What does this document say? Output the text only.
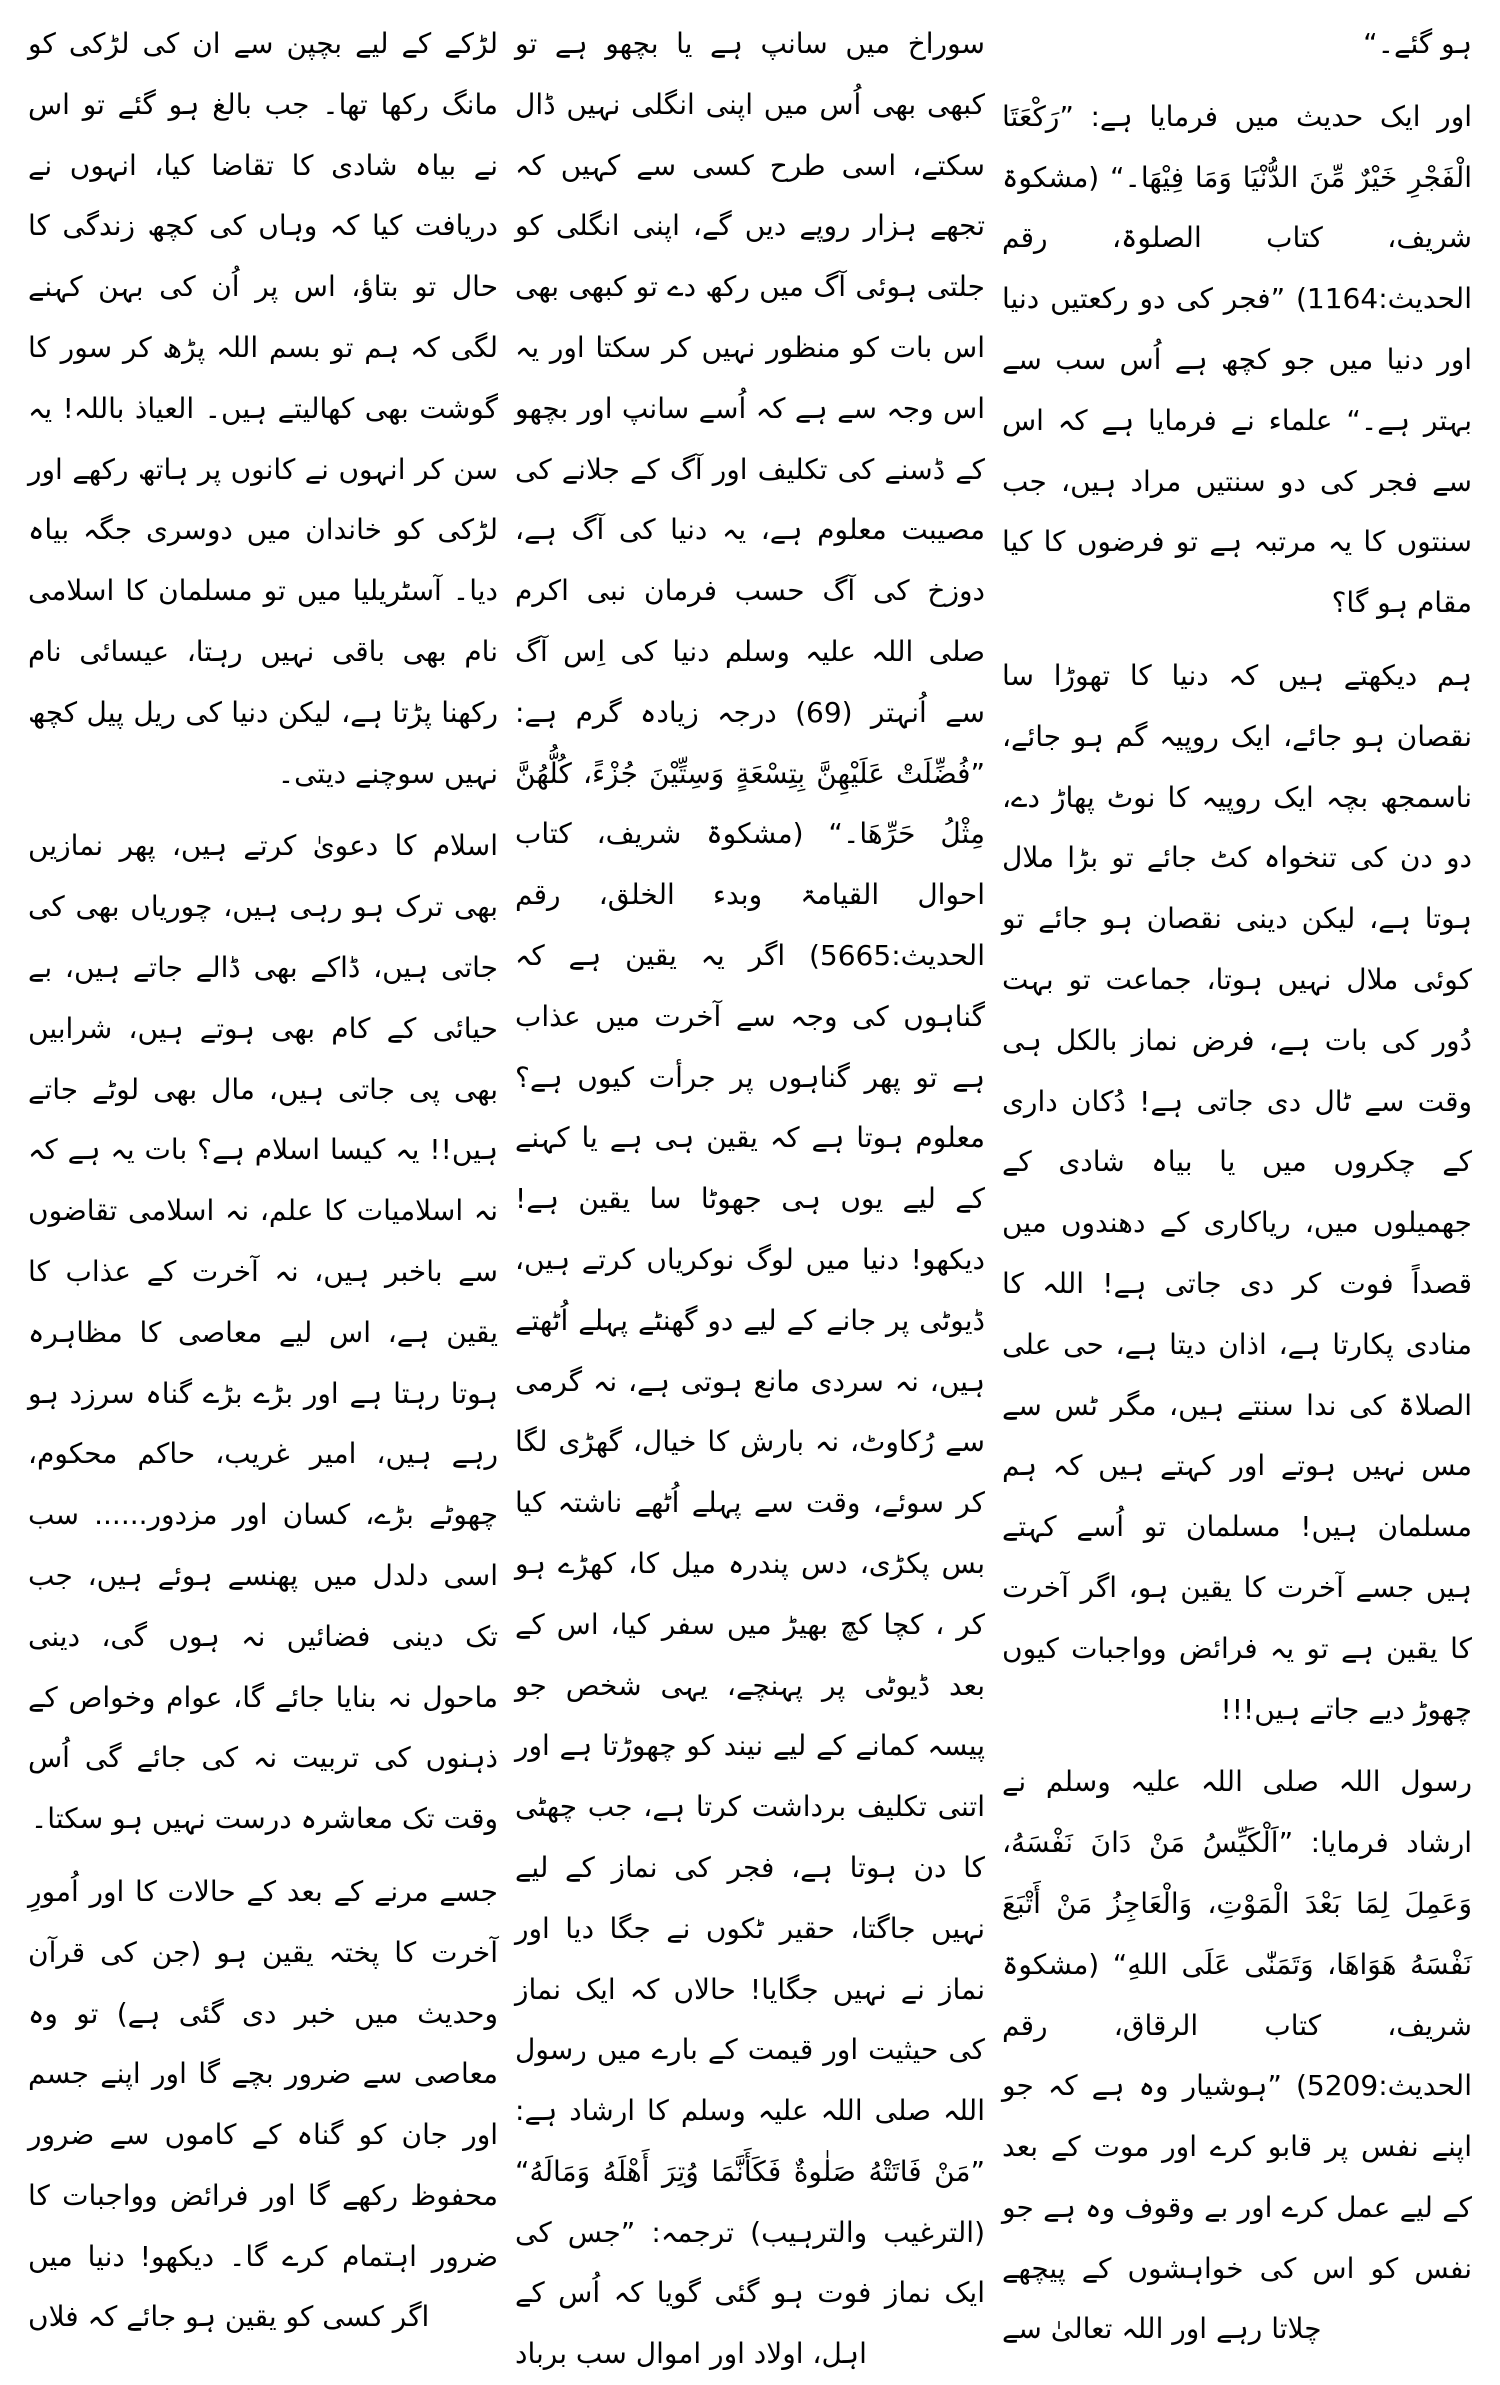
لڑکے کے لیے بچپن سے ان کی لڑکی کو مانگ رکھا تھا۔ جب بالغ ہو گئے تو اس نے بیاہ شادی کا تقاضا کیا، انہوں نے دریافت کیا کہ وہاں کی کچھ زندگی کا حال تو بتاؤ، اس پر اُن کی بہن کہنے لگی کہ ہم تو بسم اللہ پڑھ کر سور کا گوشت بھی کھالیتے ہیں۔ العیاذ باللہ! یہ سن کر انہوں نے کانوں پر ہاتھ رکھے اور لڑکی کو خاندان میں دوسری جگہ بیاہ دیا۔ آسٹریلیا میں تو مسلمان کا اسلامی نام بھی باقی نہیں رہتا، عیسائی نام رکھنا پڑتا ہے، لیکن دنیا کی ریل پیل کچھ نہیں سوچنے دیتی۔

اسلام کا دعویٰ کرتے ہیں، پھر نمازیں بھی ترک ہو رہی ہیں، چوریاں بھی کی جاتی ہیں، ڈاکے بھی ڈالے جاتے ہیں، بے حیائی کے کام بھی ہوتے ہیں، شرابیں بھی پی جاتی ہیں، مال بھی لوٹے جاتے ہیں!! یہ کیسا اسلام ہے؟ بات یہ ہے کہ نہ اسلامیات کا علم، نہ اسلامی تقاضوں سے باخبر ہیں، نہ آخرت کے عذاب کا یقین ہے، اس لیے معاصی کا مظاہرہ ہوتا رہتا ہے اور بڑے بڑے گناہ سرزد ہو رہے ہیں، امیر غریب، حاکم محکوم، چھوٹے بڑے، کسان اور مزدور...... سب اسی دلدل میں پھنسے ہوئے ہیں، جب تک دینی فضائیں نہ ہوں گی، دینی ماحول نہ بنایا جائے گا، عوام وخواص کے ذہنوں کی تربیت نہ کی جائے گی اُس وقت تک معاشرہ درست نہیں ہو سکتا۔

جسے مرنے کے بعد کے حالات کا اور اُمورِ آخرت کا پختہ یقین ہو (جن کی قرآن وحدیث میں خبر دی گئی ہے) تو وہ معاصی سے ضرور بچے گا اور اپنے جسم اور جان کو گناہ کے کاموں سے ضرور محفوظ رکھے گا اور فرائض وواجبات کا ضرور اہتمام کرے گا۔ دیکھو! دنیا میں اگر کسی کو یقین ہو جائے کہ فلاں

سوراخ میں سانپ ہے یا بچھو ہے تو کبھی بھی اُس میں اپنی انگلی نہیں ڈال سکتے، اسی طرح کسی سے کہیں کہ تجھے ہزار روپے دیں گے، اپنی انگلی کو جلتی ہوئی آگ میں رکھ دے تو کبھی بھی اس بات کو منظور نہیں کر سکتا اور یہ اس وجہ سے ہے کہ اُسے سانپ اور بچھو کے ڈسنے کی تکلیف اور آگ کے جلانے کی مصیبت معلوم ہے، یہ دنیا کی آگ ہے، دوزخ کی آگ حسب فرمان نبی اکرم صلی اللہ علیہ وسلم دنیا کی اِس آگ سے اُنہتر (69) درجہ زیادہ گرم ہے: ”فُضِّلَتْ عَلَيْهِنَّ بِتِسْعَةٍ وَسِتِّيْنَ جُزْءً، كُلُّهُنَّ مِثْلُ حَرِّهَا۔“ (مشکوۃ شریف، کتاب احوال القیامۃ وبدء الخلق، رقم الحدیث:5665) اگر یہ یقین ہے کہ گناہوں کی وجہ سے آخرت میں عذاب ہے تو پھر گناہوں پر جرأت کیوں ہے؟ معلوم ہوتا ہے کہ یقین ہی ہے یا کہنے کے لیے یوں ہی جھوٹا سا یقین ہے! دیکھو! دنیا میں لوگ نوکریاں کرتے ہیں، ڈیوٹی پر جانے کے لیے دو گھنٹے پہلے اُٹھتے ہیں، نہ سردی مانع ہوتی ہے، نہ گرمی سے رُکاوٹ، نہ بارش کا خیال، گھڑی لگا کر سوئے، وقت سے پہلے اُٹھے ناشتہ کیا بس پکڑی، دس پندرہ میل کا، کھڑے ہو کر ، کچا کچ بھیڑ میں سفر کیا، اس کے بعد ڈیوٹی پر پہنچے، یہی شخص جو پیسہ کمانے کے لیے نیند کو چھوڑتا ہے اور اتنی تکلیف برداشت کرتا ہے، جب چھٹی کا دن ہوتا ہے، فجر کی نماز کے لیے نہیں جاگتا، حقیر ٹکوں نے جگا دیا اور نماز نے نہیں جگایا! حالاں کہ ایک نماز کی حیثیت اور قیمت کے بارے میں رسول اللہ صلی اللہ علیہ وسلم کا ارشاد ہے: ”مَنْ فَاتَتْهُ صَلٰوةٌ فَكَأَنَّمَا وُتِرَ أَهْلَهُ وَمَالَهُ“ (الترغیب والترہیب) ترجمہ: ”جس کی ایک نماز فوت ہو گئی گویا کہ اُس کے اہل، اولاد اور اموال سب برباد

ہو گئے۔“

اور ایک حدیث میں فرمایا ہے: ”رَكْعَتَا الْفَجْرِ خَيْرٌ مِّنَ الدُّنْيَا وَمَا فِيْهَا۔“ (مشکوۃ شریف، کتاب الصلوۃ، رقم الحدیث:1164) ”فجر کی دو رکعتیں دنیا اور دنیا میں جو کچھ ہے اُس سب سے بہتر ہے۔“ علماء نے فرمایا ہے کہ اس سے فجر کی دو سنتیں مراد ہیں، جب سنتوں کا یہ مرتبہ ہے تو فرضوں کا کیا مقام ہو گا؟

ہم دیکھتے ہیں کہ دنیا کا تھوڑا سا نقصان ہو جائے، ایک روپیہ گم ہو جائے، ناسمجھ بچہ ایک روپیہ کا نوٹ پھاڑ دے، دو دن کی تنخواہ کٹ جائے تو بڑا ملال ہوتا ہے، لیکن دینی نقصان ہو جائے تو کوئی ملال نہیں ہوتا، جماعت تو بہت دُور کی بات ہے، فرض نماز بالکل ہی وقت سے ٹال دی جاتی ہے! دُکان داری کے چکروں میں یا بیاہ شادی کے جھمیلوں میں، ریاکاری کے دھندوں میں قصداً فوت کر دی جاتی ہے! اللہ کا منادی پکارتا ہے، اذان دیتا ہے، حی علی الصلاۃ کی ندا سنتے ہیں، مگر ٹس سے مس نہیں ہوتے اور کہتے ہیں کہ ہم مسلمان ہیں! مسلمان تو اُسے کہتے ہیں جسے آخرت کا یقین ہو، اگر آخرت کا یقین ہے تو یہ فرائض وواجبات کیوں چھوڑ دیے جاتے ہیں!!!

رسول اللہ صلی اللہ علیہ وسلم نے ارشاد فرمایا: ”اَلْكَيِّسُ مَنْ دَانَ نَفْسَهُ، وَعَمِلَ لِمَا بَعْدَ الْمَوْتِ، وَالْعَاجِزُ مَنْ أَتْبَعَ نَفْسَهُ هَوَاهَا، وَتَمَنّٰى عَلَى اللهِ“ (مشکوۃ شریف، کتاب الرقاق، رقم الحدیث:5209) ”ہوشیار وہ ہے کہ جو اپنے نفس پر قابو کرے اور موت کے بعد کے لیے عمل کرے اور بے وقوف وہ ہے جو نفس کو اس کی خواہشوں کے پیچھے چلاتا رہے اور اللہ تعالیٰ سے
